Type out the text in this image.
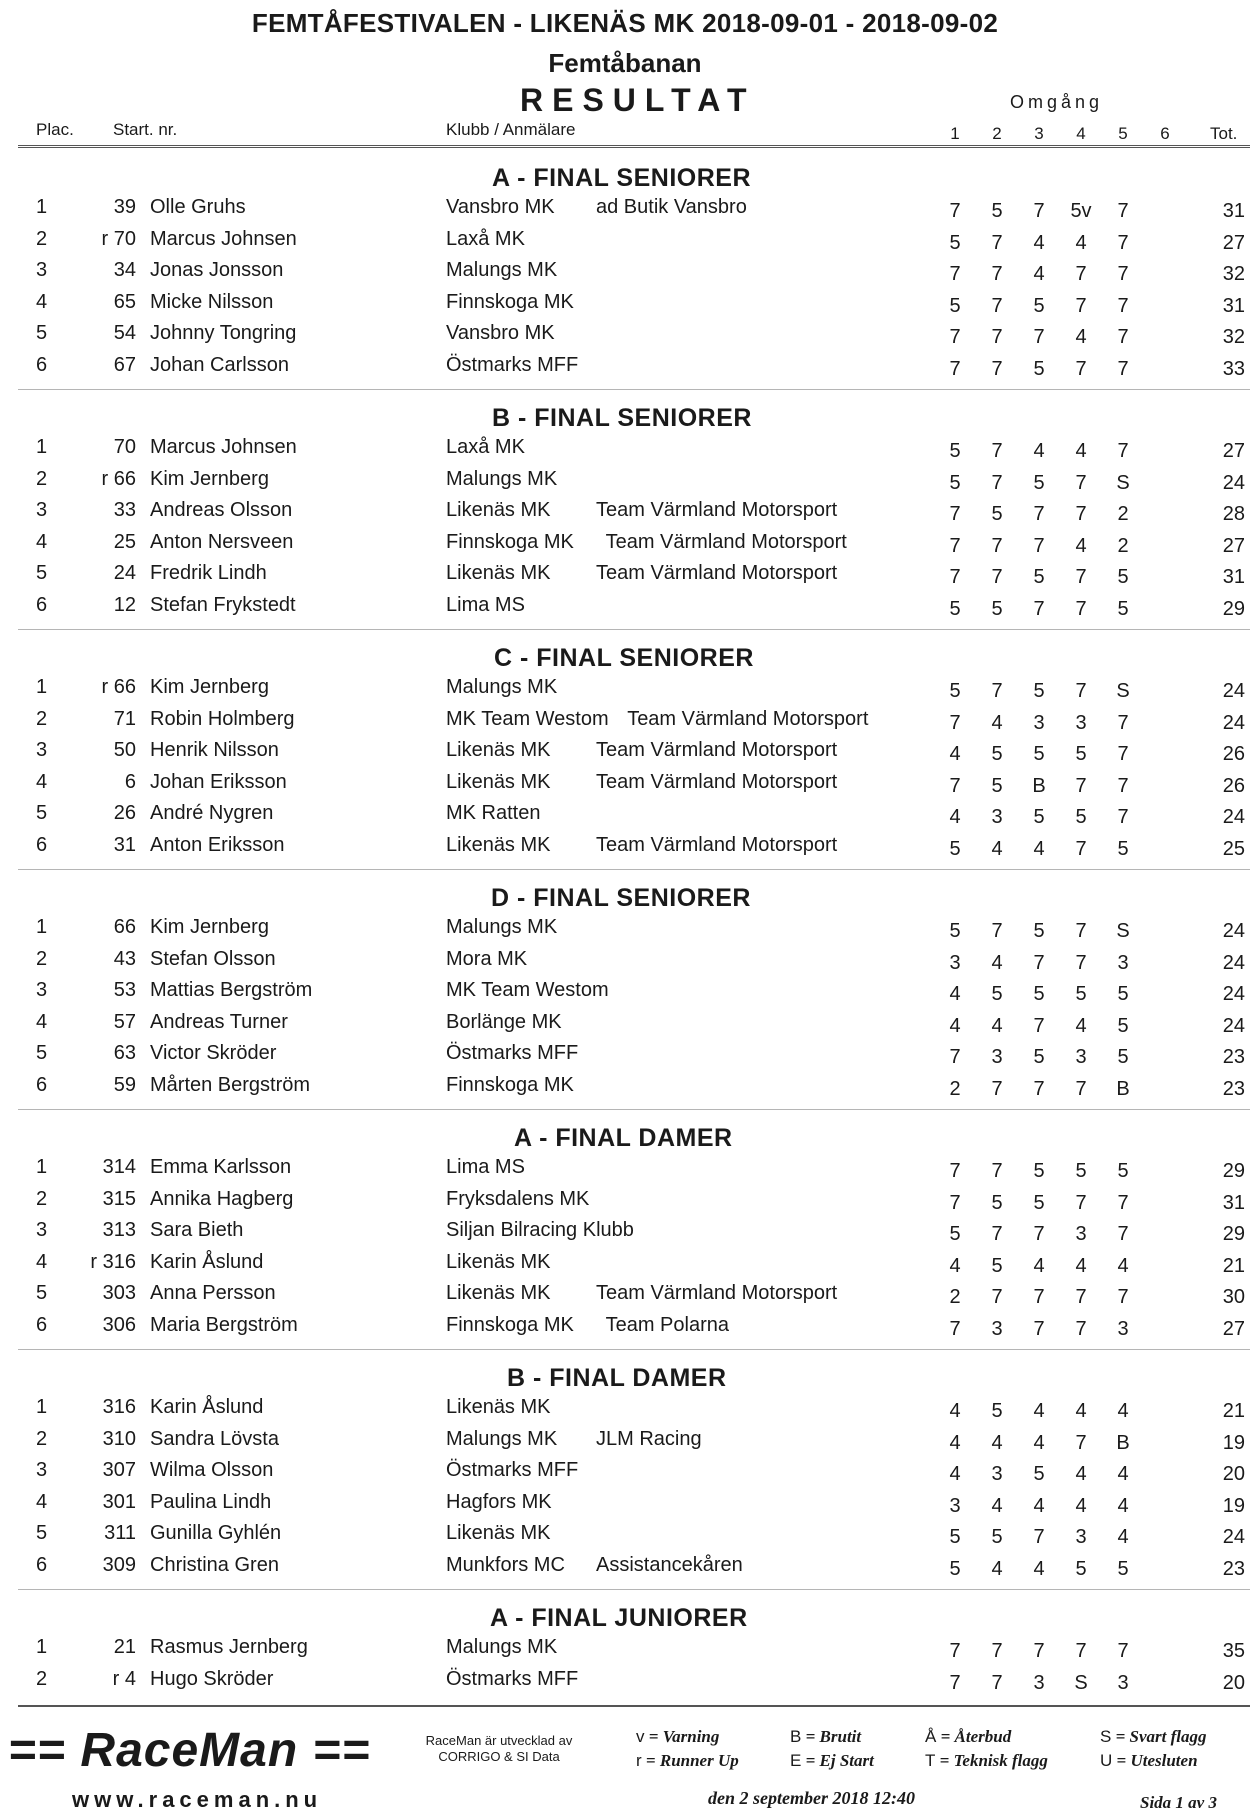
FEMTÅFESTIVALEN - LIKENÄS MK 2018-09-01 - 2018-09-02
Femtåbanan
RESULTAT	Omgång
Plac. Start. nr.	Klubb / Anmälare	1	2	3	4	5	6	Tot.
A - FINAL SENIORER
1	39 Olle Gruhs	Vansbro MK ad Butik Vansbro	7	5	7	5v	7	31
2	r 70 Marcus Johnsen	Laxå MK	5	7	4	4	7	27
3	34 Jonas Jonsson	Malungs MK	7	7	4	7	7	32
4	65 Micke Nilsson	Finnskoga MK	5	7	5	7	7	31
5	54 Johnny Tongring	Vansbro MK	7	7	7	4	7	32
6	67 Johan Carlsson	Östmarks MFF	7	7	5	7	7	33
B - FINAL SENIORER
1	70 Marcus Johnsen	Laxå MK	5	7	4	4	7	27
2	r 66 Kim Jernberg	Malungs MK	5	7	5	7	S	24
3	33 Andreas Olsson	Likenäs MK Team Värmland Motorsport	7	5	7	7	2	28
4	25 Anton Nersveen	Finnskoga MK Team Värmland Motorsport	7	7	7	4	2	27
5	24 Fredrik Lindh	Likenäs MK Team Värmland Motorsport	7	7	5	7	5	31
6	12 Stefan Frykstedt	Lima MS	5	5	7	7	5	29
C - FINAL SENIORER
1	r 66 Kim Jernberg	Malungs MK	5	7	5	7	S	24
2	71 Robin Holmberg	MK Team Westom Team Värmland Motorsport	7	4	3	3	7	24
3	50 Henrik Nilsson	Likenäs MK Team Värmland Motorsport	4	5	5	5	7	26
4	6 Johan Eriksson	Likenäs MK Team Värmland Motorsport	7	5	B	7	7	26
5	26 André Nygren	MK Ratten	4	3	5	5	7	24
6	31 Anton Eriksson	Likenäs MK Team Värmland Motorsport	5	4	4	7	5	25
D - FINAL SENIORER
1	66 Kim Jernberg	Malungs MK	5	7	5	7	S	24
2	43 Stefan Olsson	Mora MK	3	4	7	7	3	24
3	53 Mattias Bergström	MK Team Westom	4	5	5	5	5	24
4	57 Andreas Turner	Borlänge MK	4	4	7	4	5	24
5	63 Victor Skröder	Östmarks MFF	7	3	5	3	5	23
6	59 Mårten Bergström	Finnskoga MK	2	7	7	7	B	23
A - FINAL DAMER
1	314 Emma Karlsson	Lima MS	7	7	5	5	5	29
2	315 Annika Hagberg	Fryksdalens MK	7	5	5	7	7	31
3	313 Sara Bieth	Siljan Bilracing Klubb	5	7	7	3	7	29
4	r 316 Karin Åslund	Likenäs MK	4	5	4	4	4	21
5	303 Anna Persson	Likenäs MK Team Värmland Motorsport	2	7	7	7	7	30
6	306 Maria Bergström	Finnskoga MK Team Polarna	7	3	7	7	3	27
B - FINAL DAMER
1	316 Karin Åslund	Likenäs MK	4	5	4	4	4	21
2	310 Sandra Lövsta	Malungs MK JLM Racing	4	4	4	7	B	19
3	307 Wilma Olsson	Östmarks MFF	4	3	5	4	4	20
4	301 Paulina Lindh	Hagfors MK	3	4	4	4	4	19
5	311 Gunilla Gyhlén	Likenäs MK	5	5	7	3	4	24
6	309 Christina Gren	Munkfors MC Assistancekåren	5	4	4	5	5	23
A - FINAL JUNIORER
1	21 Rasmus Jernberg	Malungs MK	7	7	7	7	7	35
2	r 4 Hugo Skröder	Östmarks MFF	7	7	3	S	3	20
== RaceMan ==
www.raceman.nu
RaceMan är utvecklad av CORRIGO & SI Data
v = Varning
r = Runner Up
B = Brutit
E = Ej Start
Å = Återbud
T = Teknisk flagg
S = Svart flagg
U = Utesluten
den 2 september 2018 12:40	Sida 1 av 3
